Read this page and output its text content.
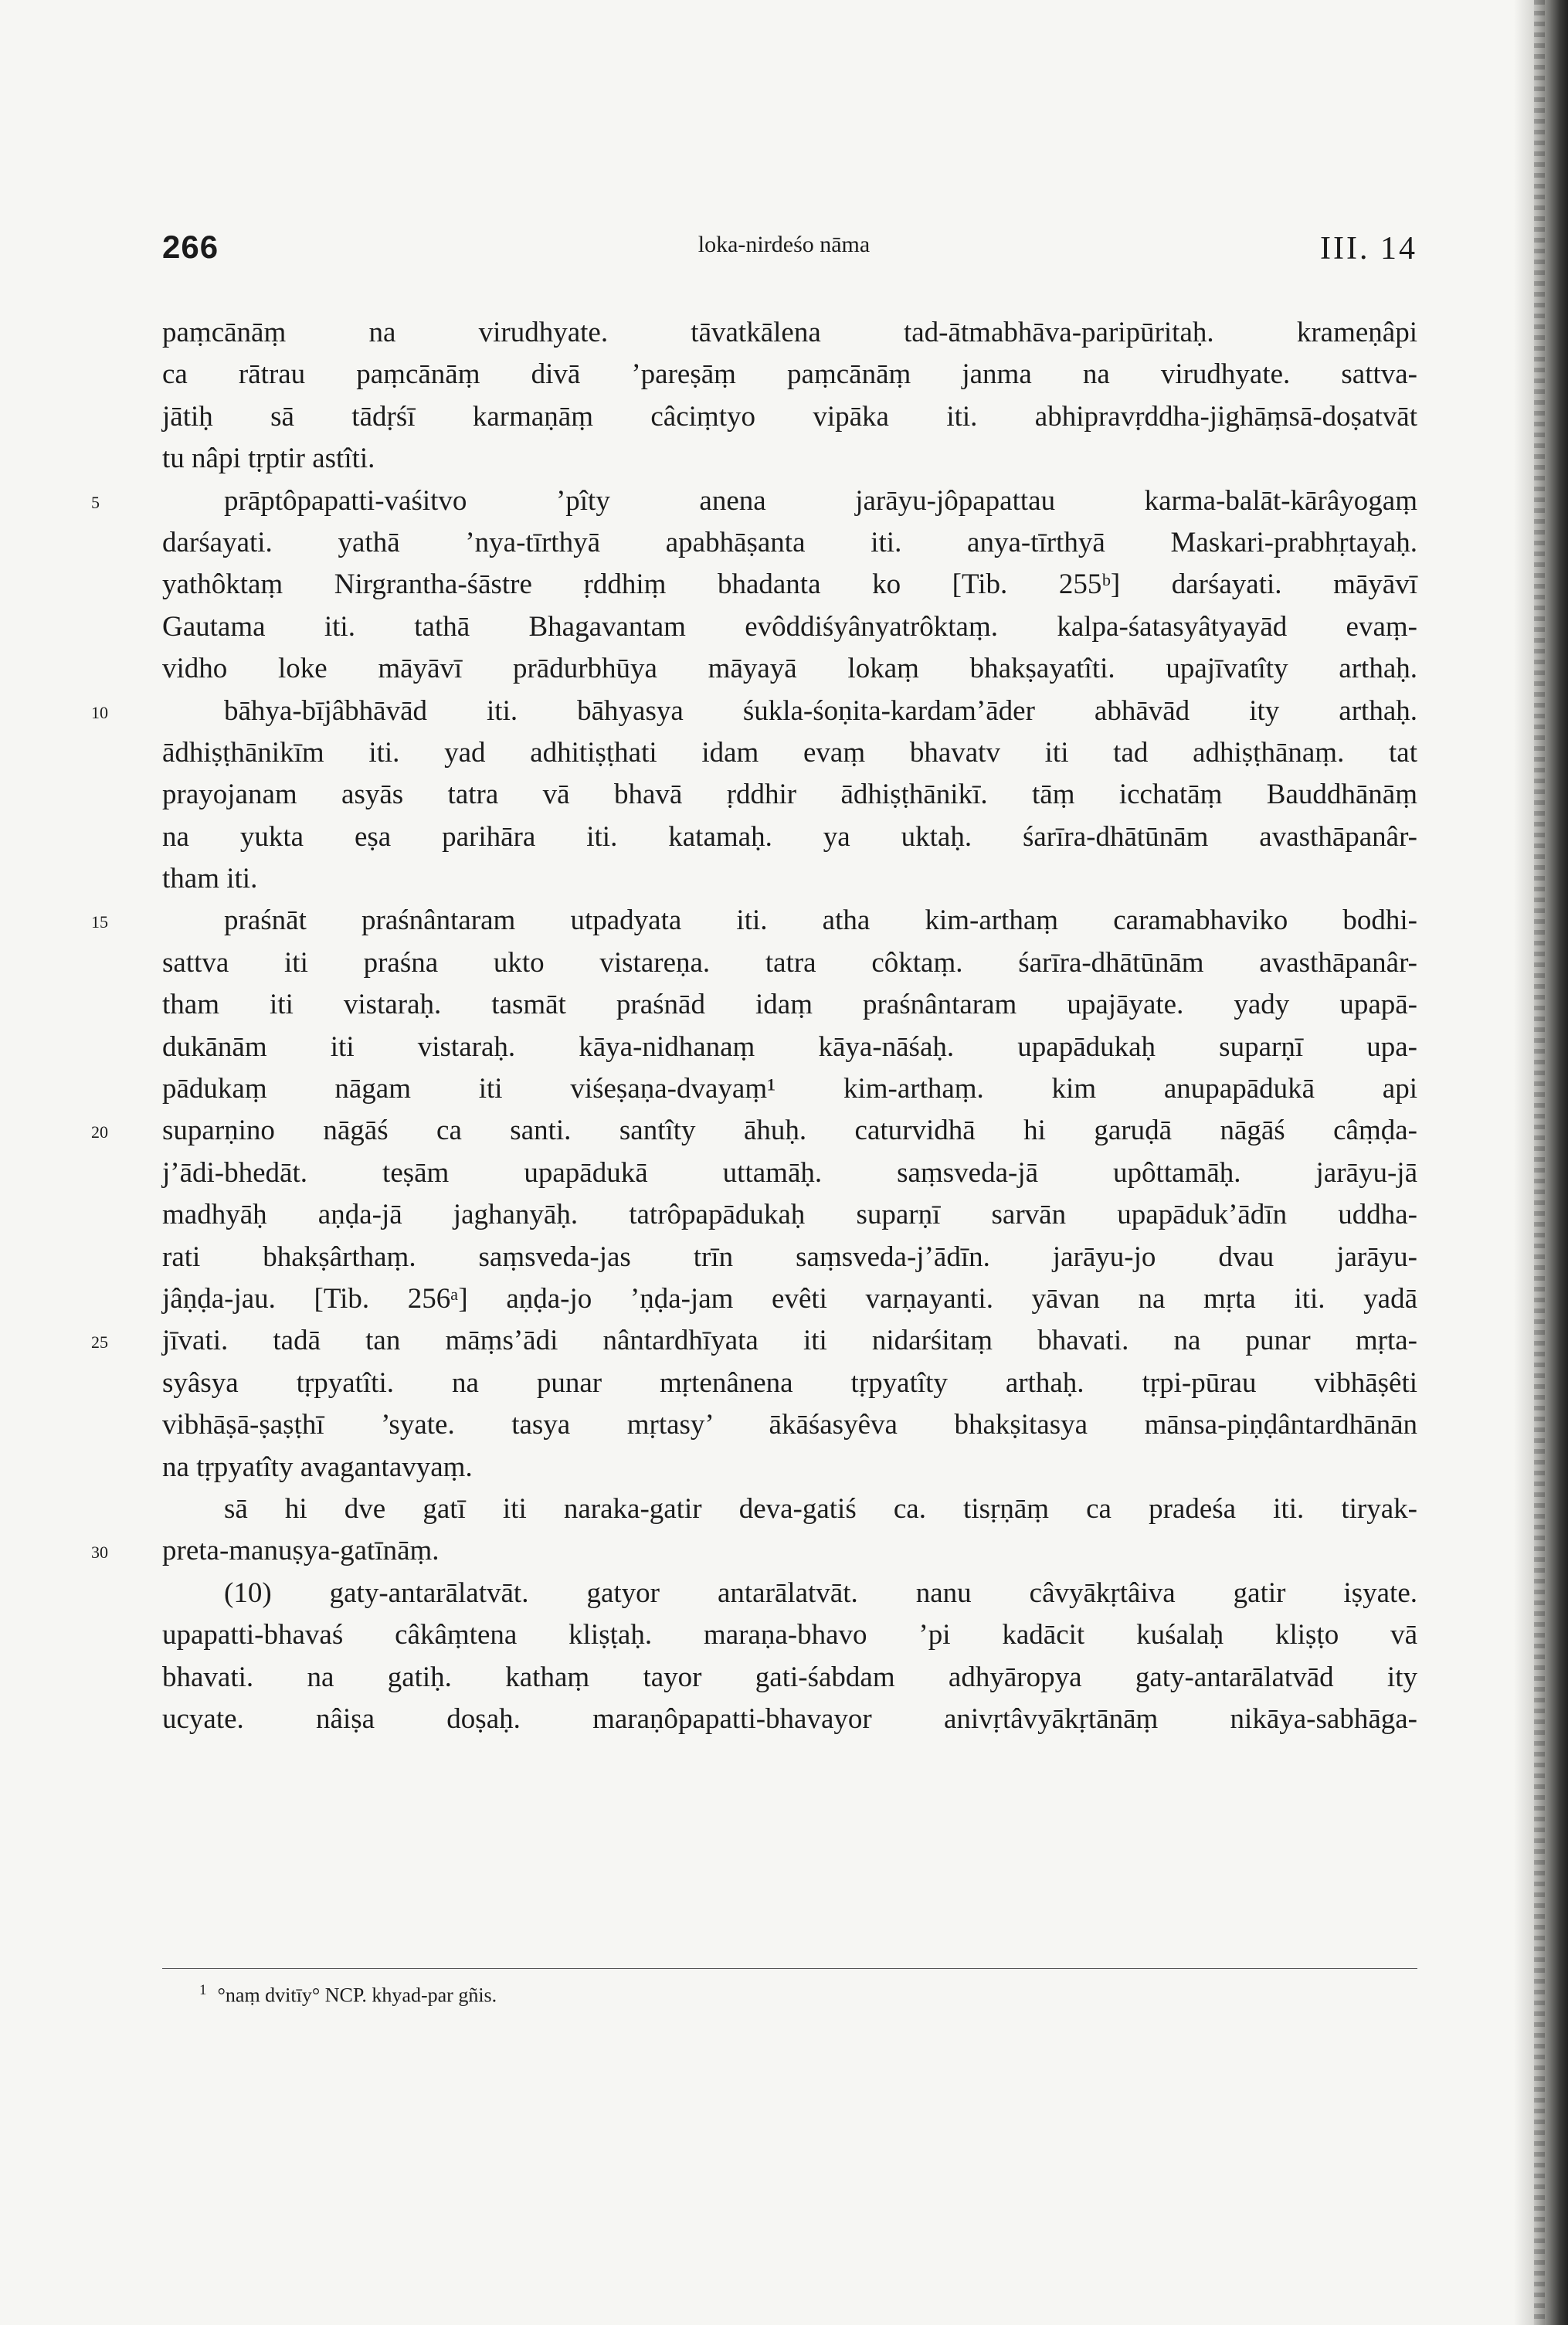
266	loka-nirdeśo nāma	III. 14
paṃcānāṃ na virudhyate. tāvatkālena tad-ātmabhāva-paripūritaḥ. krameṇâpi
ca rātrau paṃcānāṃ divā ’pareṣāṃ paṃcānāṃ janma na virudhyate. sattva-
jātiḥ sā tādṛśī karmaṇāṃ câciṃtyo vipāka iti. abhipravṛddha-jighāṃsā-doṣatvāt
tu nâpi tṛptir astîti.
prāptôpapatti-vaśitvo ’pîty anena jarāyu-jôpapattau karma-balāt-kārâyogaṃ
5
darśayati. yathā ’nya-tīrthyā apabhāṣanta iti. anya-tīrthyā Maskari-prabhṛtayaḥ.
yathôktaṃ Nirgrantha-śāstre ṛddhiṃ bhadanta ko [Tib. 255ᵇ] darśayati. māyāvī
Gautama iti. tathā Bhagavantam evôddiśyânyatrôktaṃ. kalpa-śatasyâtyayād evaṃ-
vidho loke māyāvī prādurbhūya māyayā lokaṃ bhakṣayatîti. upajīvatîty arthaḥ.
bāhya-bījâbhāvād iti. bāhyasya śukla-śoṇita-kardam’āder abhāvād ity arthaḥ.
10
ādhiṣṭhānikīm iti. yad adhitiṣṭhati idam evaṃ bhavatv iti tad adhiṣṭhānaṃ. tat
prayojanam asyās tatra vā bhavā ṛddhir ādhiṣṭhānikī. tāṃ icchatāṃ Bauddhānāṃ
na yukta eṣa parihāra iti. katamaḥ. ya uktaḥ. śarīra-dhātūnām avasthāpanâr-
tham iti.
praśnāt praśnântaram utpadyata iti. atha kim-arthaṃ caramabhaviko bodhi-
15
sattva iti praśna ukto vistareṇa. tatra côktaṃ. śarīra-dhātūnām avasthāpanâr-
tham iti vistaraḥ. tasmāt praśnād idaṃ praśnântaram upajāyate. yady upapā-
dukānām iti vistaraḥ. kāya-nidhanaṃ kāya-nāśaḥ. upapādukaḥ suparṇī upa-
pādukaṃ nāgam iti viśeṣaṇa-dvayaṃ¹ kim-arthaṃ. kim anupapādukā api
suparṇino nāgāś ca santi. santîty āhuḥ. caturvidhā hi garuḍā nāgāś câṃḍa-
20
j’ādi-bhedāt. teṣām upapādukā uttamāḥ. saṃsveda-jā upôttamāḥ. jarāyu-jā
madhyāḥ aṇḍa-jā jaghanyāḥ. tatrôpapādukaḥ suparṇī sarvān upapāduk’ādīn uddha-
rati bhakṣârthaṃ. saṃsveda-jas trīn saṃsveda-j’ādīn. jarāyu-jo dvau jarāyu-
jâṇḍa-jau. [Tib. 256ᵃ] aṇḍa-jo ’ṇḍa-jam evêti varṇayanti. yāvan na mṛta iti. yadā
jīvati. tadā tan māṃs’ādi nântardhīyata iti nidarśitaṃ bhavati. na punar mṛta-
25
syâsya tṛpyatîti. na punar mṛtenânena tṛpyatîty arthaḥ. tṛpi-pūrau vibhāṣêti
vibhāṣā-ṣaṣṭhī ’syate. tasya mṛtasy’ ākāśasyêva bhakṣitasya mānsa-piṇḍântardhānān
na tṛpyatîty avagantavyaṃ.
sā hi dve gatī iti naraka-gatir deva-gatiś ca. tisṛṇāṃ ca pradeśa iti. tiryak-
preta-manuṣya-gatīnāṃ.
30
(10) gaty-antarālatvāt. gatyor antarālatvāt. nanu câvyākṛtâiva gatir iṣyate.
upapatti-bhavaś câkâṃtena kliṣṭaḥ. maraṇa-bhavo ’pi kadācit kuśalaḥ kliṣṭo vā
bhavati. na gatiḥ. kathaṃ tayor gati-śabdam adhyāropya gaty-antarālatvād ity
ucyate. nâiṣa doṣaḥ. maraṇôpapatti-bhavayor anivṛtâvyākṛtānāṃ nikāya-sabhāga-
$^1$ °naṃ dvitīy° NCP. khyad-par gñis.
